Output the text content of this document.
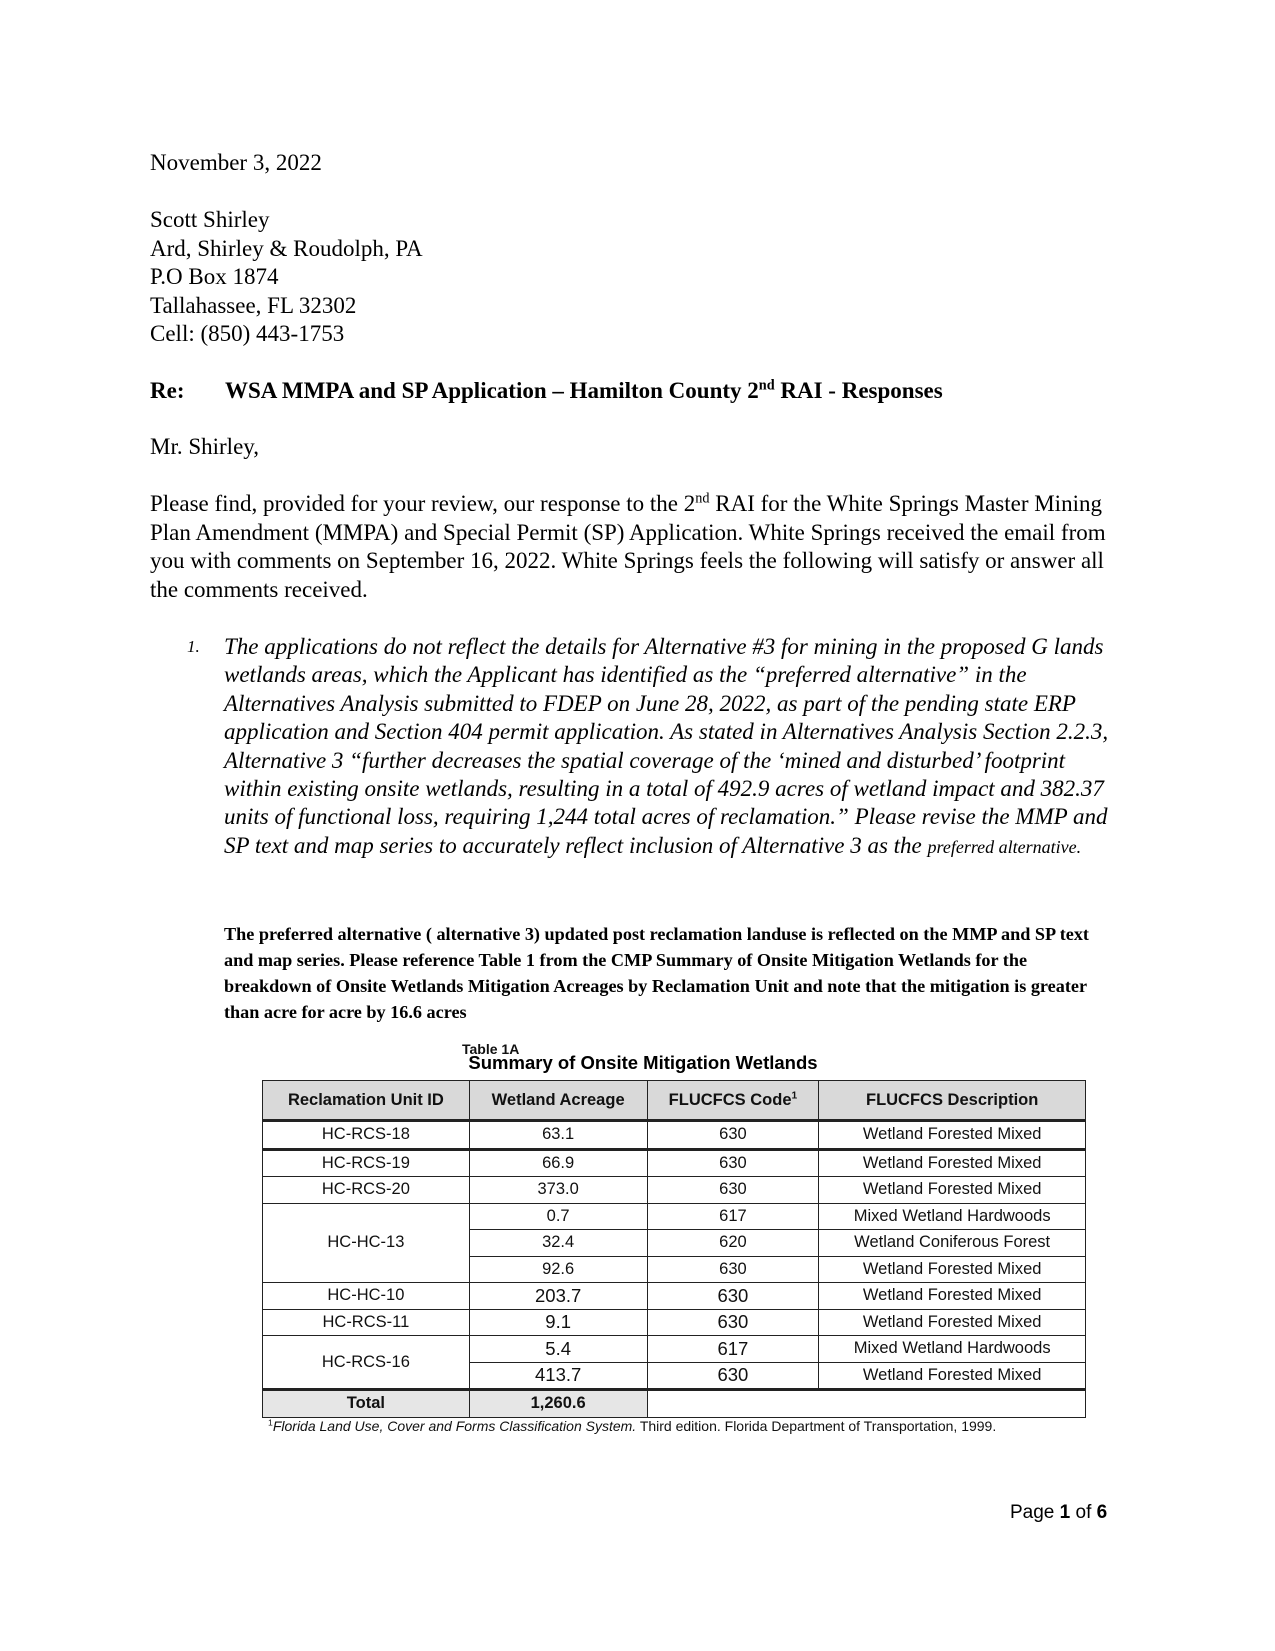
November 3, 2022
Scott Shirley
Ard, Shirley & Roudolph, PA
P.O Box 1874
Tallahassee, FL 32302
Cell: (850) 443-1753
Re: WSA MMPA and SP Application – Hamilton County 2nd RAI - Responses
Mr. Shirley,
Please find, provided for your review, our response to the 2nd RAI for the White Springs Master Mining Plan Amendment (MMPA) and Special Permit (SP) Application. White Springs received the email from you with comments on September 16, 2022. White Springs feels the following will satisfy or answer all the comments received.
1. The applications do not reflect the details for Alternative #3 for mining in the proposed G lands wetlands areas, which the Applicant has identified as the “preferred alternative” in the Alternatives Analysis submitted to FDEP on June 28, 2022, as part of the pending state ERP application and Section 404 permit application. As stated in Alternatives Analysis Section 2.2.3, Alternative 3 “further decreases the spatial coverage of the ‘mined and disturbed’ footprint within existing onsite wetlands, resulting in a total of 492.9 acres of wetland impact and 382.37 units of functional loss, requiring 1,244 total acres of reclamation.” Please revise the MMP and SP text and map series to accurately reflect inclusion of Alternative 3 as the preferred alternative.
The preferred alternative ( alternative 3) updated post reclamation landuse is reflected on the MMP and SP text and map series. Please reference Table 1 from the CMP Summary of Onsite Mitigation Wetlands for the breakdown of Onsite Wetlands Mitigation Acreages by Reclamation Unit and note that the mitigation is greater than acre for acre by 16.6 acres
Table 1A
Summary of Onsite Mitigation Wetlands
Reclamation Unit ID	Wetland Acreage	FLUCFCS Code$^1$	FLUCFCS Description
HC-RCS-18	63.1	630	Wetland Forested Mixed
HC-RCS-19	66.9	630	Wetland Forested Mixed
HC-RCS-20	373.0	630	Wetland Forested Mixed
HC-HC-13	0.7	617	Mixed Wetland Hardwoods
	32.4	620	Wetland Coniferous Forest
	92.6	630	Wetland Forested Mixed
HC-HC-10	203.7	630	Wetland Forested Mixed
HC-RCS-11	9.1	630	Wetland Forested Mixed
HC-RCS-16	5.4	617	Mixed Wetland Hardwoods
	413.7	630	Wetland Forested Mixed
Total	1,260.6		
$^1$Florida Land Use, Cover and Forms Classification System. Third edition. Florida Department of Transportation, 1999.
Page 1 of 6
